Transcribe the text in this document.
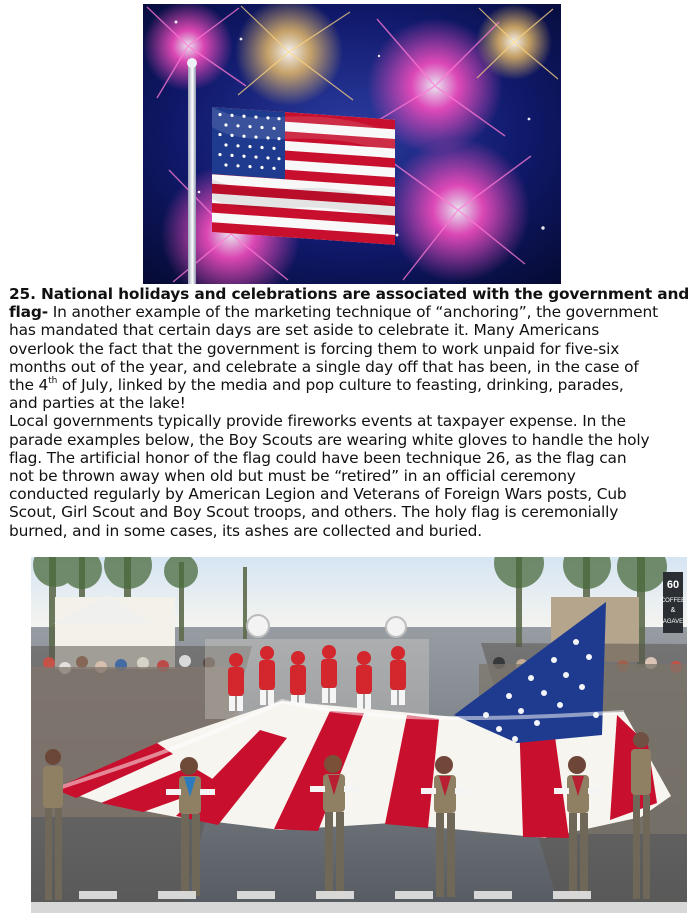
25. National holidays and celebrations are associated with the government and
flag- In another example of the marketing technique of “anchoring”, the government
has mandated that certain days are set aside to celebrate it. Many Americans
overlook the fact that the government is forcing them to work unpaid for five-six
months out of the year, and celebrate a single day off that has been, in the case of
the 4th of July, linked by the media and pop culture to feasting, drinking, parades,
and parties at the lake!
Local governments typically provide fireworks events at taxpayer expense. In the
parade examples below, the Boy Scouts are wearing white gloves to handle the holy
flag. The artificial honor of the flag could have been technique 26, as the flag can
not be thrown away when old but must be “retired” in an official ceremony
conducted regularly by American Legion and Veterans of Foreign Wars posts, Cub
Scout, Girl Scout and Boy Scout troops, and others. The holy flag is ceremonially
burned, and in some cases, its ashes are collected and buried.

60
COFFEE
&
AGAVE
